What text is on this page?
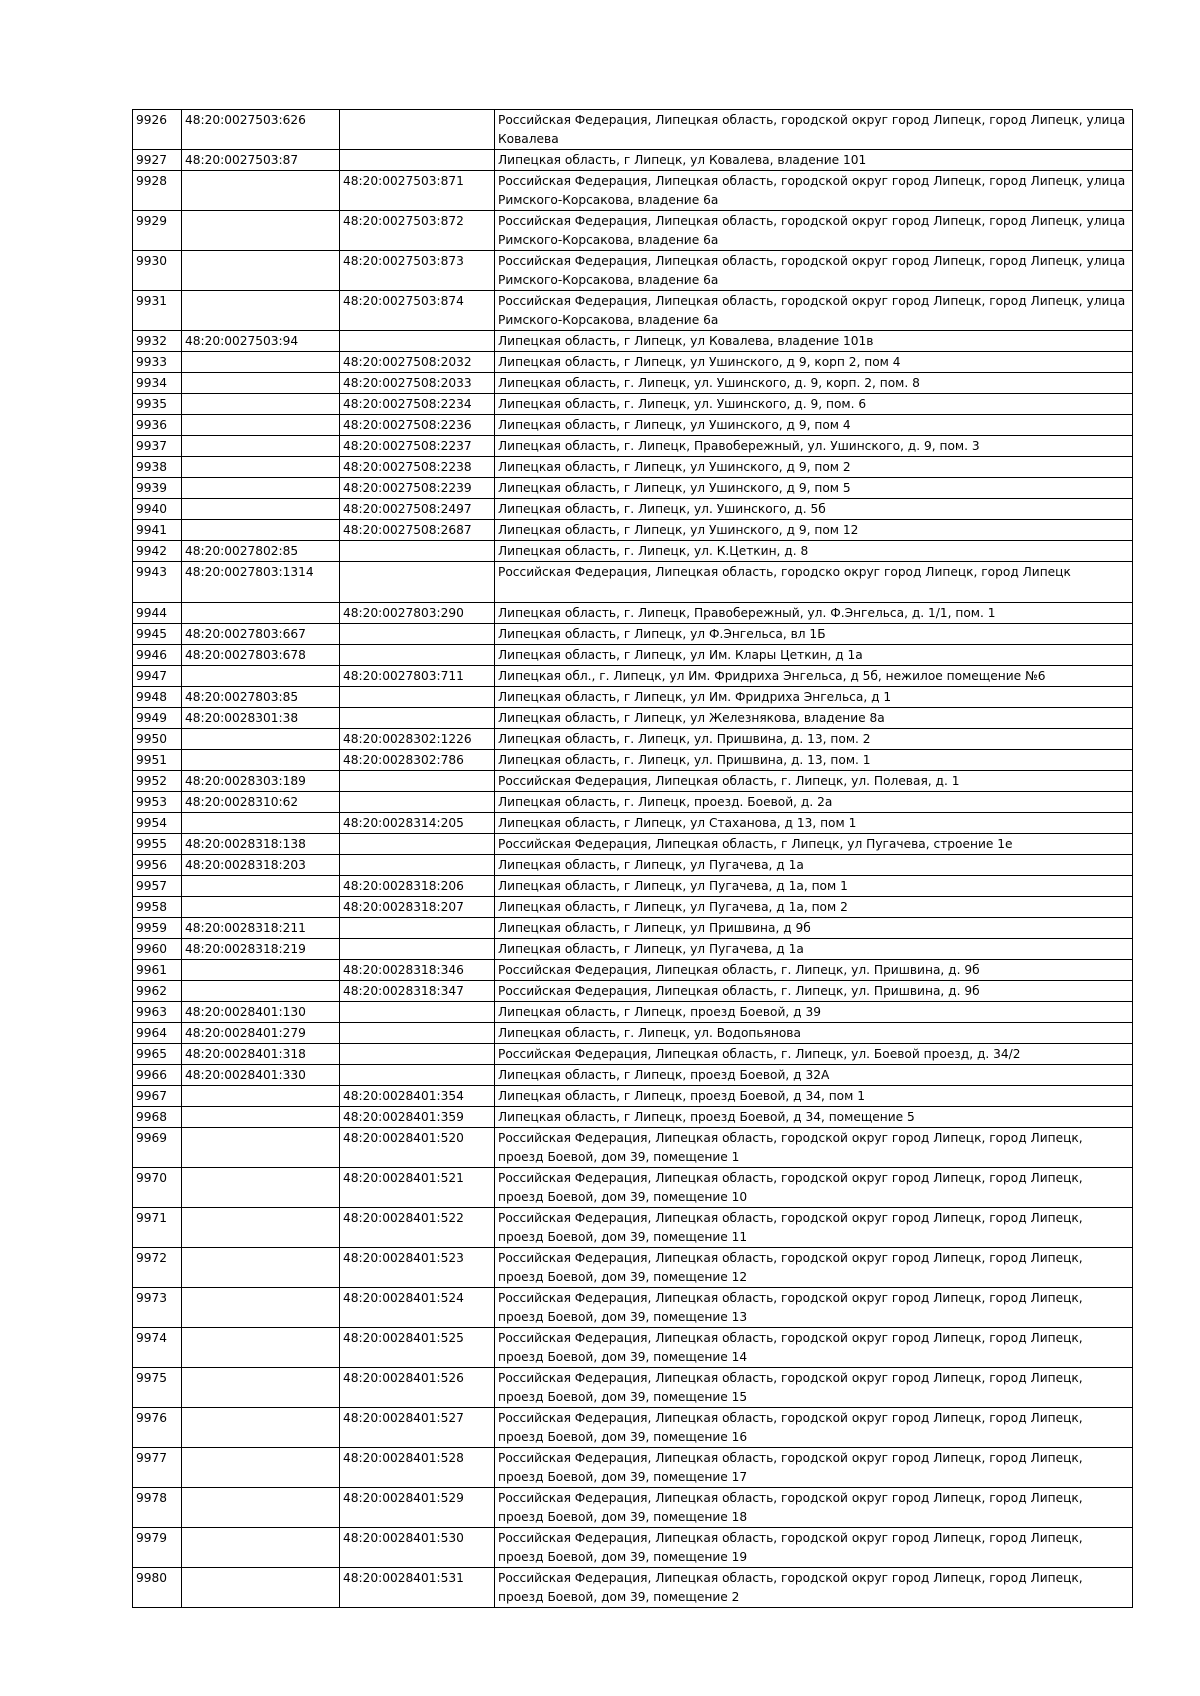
9926	48:20:0027503:626		Российская Федерация, Липецкая область, городской округ город Липецк, город Липецк, улица Ковалева
9927	48:20:0027503:87		Липецкая область, г Липецк, ул Ковалева, владение 101
9928		48:20:0027503:871	Российская Федерация, Липецкая область, городской округ город Липецк, город Липецк, улица Римского-Корсакова, владение 6а
9929		48:20:0027503:872	Российская Федерация, Липецкая область, городской округ город Липецк, город Липецк, улица Римского-Корсакова, владение 6а
9930		48:20:0027503:873	Российская Федерация, Липецкая область, городской округ город Липецк, город Липецк, улица Римского-Корсакова, владение 6а
9931		48:20:0027503:874	Российская Федерация, Липецкая область, городской округ город Липецк, город Липецк, улица Римского-Корсакова, владение 6а
9932	48:20:0027503:94		Липецкая область, г Липецк, ул Ковалева, владение 101в
9933		48:20:0027508:2032	Липецкая область, г Липецк, ул Ушинского, д 9, корп 2, пом 4
9934		48:20:0027508:2033	Липецкая область, г. Липецк, ул. Ушинского, д. 9, корп. 2, пом. 8
9935		48:20:0027508:2234	Липецкая область, г. Липецк, ул. Ушинского, д. 9, пом. 6
9936		48:20:0027508:2236	Липецкая область, г Липецк, ул Ушинского, д 9, пом 4
9937		48:20:0027508:2237	Липецкая область, г. Липецк, Правобережный, ул. Ушинского, д. 9, пом. 3
9938		48:20:0027508:2238	Липецкая область, г Липецк, ул Ушинского, д 9, пом 2
9939		48:20:0027508:2239	Липецкая область, г Липецк, ул Ушинского, д 9, пом 5
9940		48:20:0027508:2497	Липецкая область, г. Липецк, ул. Ушинского, д. 5б
9941		48:20:0027508:2687	Липецкая область, г Липецк, ул Ушинского, д 9, пом 12
9942	48:20:0027802:85		Липецкая область, г. Липецк, ул. К.Цеткин, д. 8
9943	48:20:0027803:1314		Российская Федерация, Липецкая область, городско округ город Липецк, город Липецк
9944		48:20:0027803:290	Липецкая область, г. Липецк, Правобережный, ул. Ф.Энгельса, д. 1/1, пом. 1
9945	48:20:0027803:667		Липецкая область, г Липецк, ул Ф.Энгельса, вл 1Б
9946	48:20:0027803:678		Липецкая область, г Липецк, ул Им. Клары Цеткин, д 1а
9947		48:20:0027803:711	Липецкая обл., г. Липецк, ул Им. Фридриха Энгельса, д 5б, нежилое помещение №6
9948	48:20:0027803:85		Липецкая область, г Липецк, ул Им. Фридриха Энгельса, д 1
9949	48:20:0028301:38		Липецкая область, г Липецк, ул Железнякова, владение 8а
9950		48:20:0028302:1226	Липецкая область, г. Липецк, ул. Пришвина, д. 13, пом. 2
9951		48:20:0028302:786	Липецкая область, г. Липецк, ул. Пришвина, д. 13, пом. 1
9952	48:20:0028303:189		Российская Федерация, Липецкая область, г. Липецк, ул. Полевая, д. 1
9953	48:20:0028310:62		Липецкая область, г. Липецк, проезд. Боевой, д. 2а
9954		48:20:0028314:205	Липецкая область, г Липецк, ул Стаханова, д 13, пом 1
9955	48:20:0028318:138		Российская Федерация, Липецкая область, г Липецк, ул Пугачева, строение 1е
9956	48:20:0028318:203		Липецкая область, г Липецк, ул Пугачева, д 1а
9957		48:20:0028318:206	Липецкая область, г Липецк, ул Пугачева, д 1а, пом 1
9958		48:20:0028318:207	Липецкая область, г Липецк, ул Пугачева, д 1а, пом 2
9959	48:20:0028318:211		Липецкая область, г Липецк, ул Пришвина, д 9б
9960	48:20:0028318:219		Липецкая область, г Липецк, ул Пугачева, д 1а
9961		48:20:0028318:346	Российская Федерация, Липецкая область, г. Липецк, ул. Пришвина, д. 9б
9962		48:20:0028318:347	Российская Федерация, Липецкая область, г. Липецк, ул. Пришвина, д. 9б
9963	48:20:0028401:130		Липецкая область, г Липецк, проезд Боевой, д 39
9964	48:20:0028401:279		Липецкая область, г. Липецк, ул. Водопьянова
9965	48:20:0028401:318		Российская Федерация, Липецкая область, г. Липецк, ул. Боевой проезд, д. 34/2
9966	48:20:0028401:330		Липецкая область, г Липецк, проезд Боевой, д 32А
9967		48:20:0028401:354	Липецкая область, г Липецк, проезд Боевой, д 34, пом 1
9968		48:20:0028401:359	Липецкая область, г Липецк, проезд Боевой, д 34, помещение 5
9969		48:20:0028401:520	Российская Федерация, Липецкая область, городской округ город Липецк, город Липецк, проезд Боевой, дом 39, помещение 1
9970		48:20:0028401:521	Российская Федерация, Липецкая область, городской округ город Липецк, город Липецк, проезд Боевой, дом 39, помещение 10
9971		48:20:0028401:522	Российская Федерация, Липецкая область, городской округ город Липецк, город Липецк, проезд Боевой, дом 39, помещение 11
9972		48:20:0028401:523	Российская Федерация, Липецкая область, городской округ город Липецк, город Липецк, проезд Боевой, дом 39, помещение 12
9973		48:20:0028401:524	Российская Федерация, Липецкая область, городской округ город Липецк, город Липецк, проезд Боевой, дом 39, помещение 13
9974		48:20:0028401:525	Российская Федерация, Липецкая область, городской округ город Липецк, город Липецк, проезд Боевой, дом 39, помещение 14
9975		48:20:0028401:526	Российская Федерация, Липецкая область, городской округ город Липецк, город Липецк, проезд Боевой, дом 39, помещение 15
9976		48:20:0028401:527	Российская Федерация, Липецкая область, городской округ город Липецк, город Липецк, проезд Боевой, дом 39, помещение 16
9977		48:20:0028401:528	Российская Федерация, Липецкая область, городской округ город Липецк, город Липецк, проезд Боевой, дом 39, помещение 17
9978		48:20:0028401:529	Российская Федерация, Липецкая область, городской округ город Липецк, город Липецк, проезд Боевой, дом 39, помещение 18
9979		48:20:0028401:530	Российская Федерация, Липецкая область, городской округ город Липецк, город Липецк, проезд Боевой, дом 39, помещение 19
9980		48:20:0028401:531	Российская Федерация, Липецкая область, городской округ город Липецк, город Липецк, проезд Боевой, дом 39, помещение 2
